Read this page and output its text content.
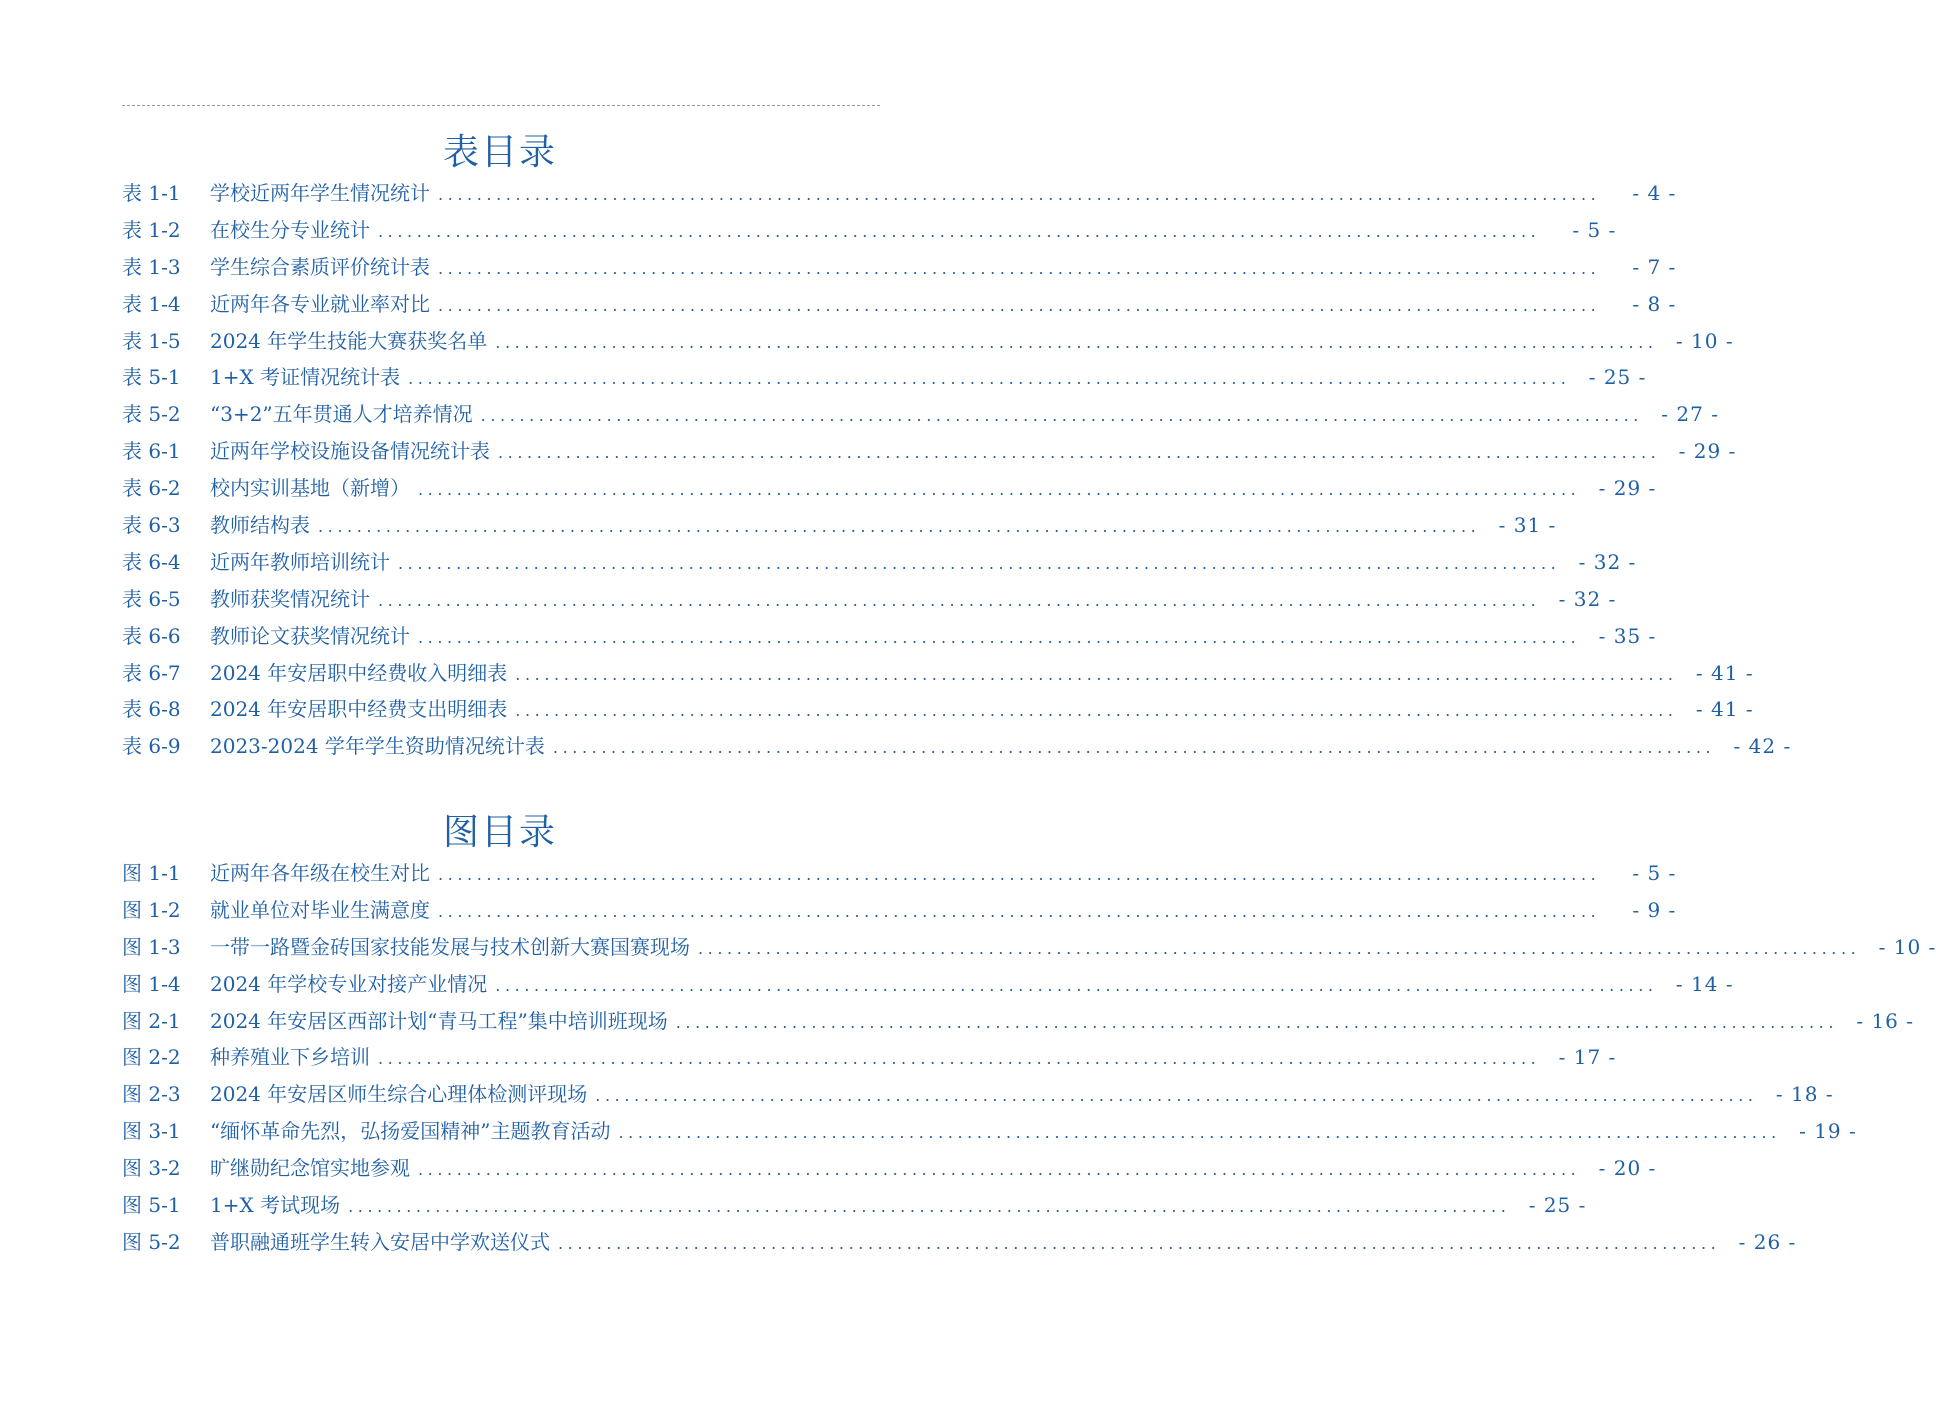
表目录
表 1-1	学校近两年学生情况统计 ........................................................................................................................	- 4 -
表 1-2	在校生分专业统计 ........................................................................................................................	- 5 -
表 1-3	学生综合素质评价统计表 ........................................................................................................................	- 7 -
表 1-4	近两年各专业就业率对比 ........................................................................................................................	- 8 -
表 1-5	2024 年学生技能大赛获奖名单 ........................................................................................................................ - 10 -
表 5-1	1+X 考证情况统计表 ........................................................................................................................ - 25 -
表 5-2	“3+2”五年贯通人才培养情况 ........................................................................................................................ - 27 -
表 6-1	近两年学校设施设备情况统计表 ........................................................................................................................ - 29 -
表 6-2	校内实训基地（新增） ........................................................................................................................ - 29 -
表 6-3	教师结构表 ........................................................................................................................ - 31 -
表 6-4	近两年教师培训统计 ........................................................................................................................ - 32 -
表 6-5	教师获奖情况统计 ........................................................................................................................ - 32 -
表 6-6	教师论文获奖情况统计 ........................................................................................................................ - 35 -
表 6-7	2024 年安居职中经费收入明细表 ........................................................................................................................ - 41 -
表 6-8	2024 年安居职中经费支出明细表 ........................................................................................................................ - 41 -
表 6-9	2023-2024 学年学生资助情况统计表 ........................................................................................................................ - 42 -
图目录
图 1-1	近两年各年级在校生对比 ........................................................................................................................	- 5 -
图 1-2	就业单位对毕业生满意度 ........................................................................................................................	- 9 -
图 1-3	一带一路暨金砖国家技能发展与技术创新大赛国赛现场 ........................................................................................................................ - 10 -
图 1-4	2024 年学校专业对接产业情况 ........................................................................................................................ - 14 -
图 2-1	2024 年安居区西部计划“青马工程”集中培训班现场 ........................................................................................................................ - 16 -
图 2-2	种养殖业下乡培训 ........................................................................................................................ - 17 -
图 2-3	2024 年安居区师生综合心理体检测评现场 ........................................................................................................................ - 18 -
图 3-1	“缅怀革命先烈，弘扬爱国精神”主题教育活动 ........................................................................................................................ - 19 -
图 3-2	旷继勋纪念馆实地参观 ........................................................................................................................ - 20 -
图 5-1	1+X 考试现场 ........................................................................................................................ - 25 -
图 5-2	普职融通班学生转入安居中学欢送仪式 ........................................................................................................................ - 26 -
